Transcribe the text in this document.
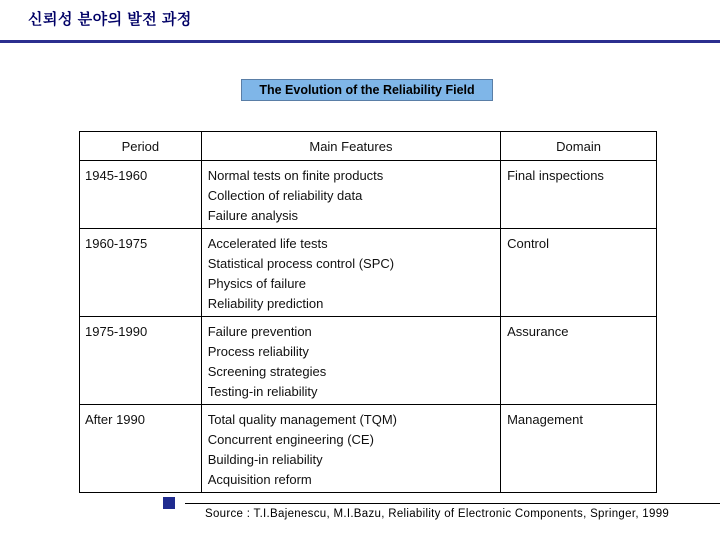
신뢰성 분야의 발전 과정
The Evolution of the Reliability Field
Period	Main Features	Domain

1945-1960	Normal tests on finite products
Collection of reliability data
Failure analysis	Final inspections

1960-1975	Accelerated life tests
Statistical process control (SPC)
Physics of failure
Reliability prediction	Control

1975-1990	Failure prevention
Process reliability
Screening strategies
Testing-in reliability	Assurance

After 1990	Total quality management (TQM)
Concurrent engineering (CE)
Building-in reliability
Acquisition reform	Management
Source : T.I.Bajenescu, M.I.Bazu, Reliability of Electronic Components, Springer, 1999
